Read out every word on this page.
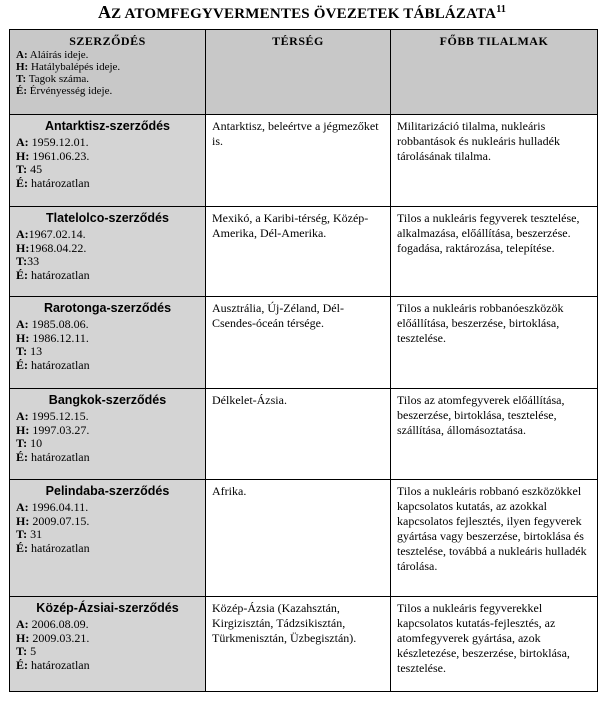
AZ ATOMFEGYVERMENTES ÖVEZETEK TÁBLÁZATA$^{11}$
SZERZŐDÉS
A: Aláírás ideje.
H: Hatálybalépés ideje.
T: Tagok száma.
É: Érvényesség ideje.	TÉRSÉG	FŐBB TILALMAK

Antarktisz-szerződés
A: 1959.12.01.
H: 1961.06.23.
T: 45
É: határozatlan	Antarktisz, beleértve a jégmezőket is.	Militarizáció tilalma, nukleáris robbantások és nukleáris hulladék tárolásának tilalma.

Tlatelolco-szerződés
A:1967.02.14.
H:1968.04.22.
T:33
É: határozatlan	Mexikó, a Karibi-térség, Közép-Amerika, Dél-Amerika.	Tilos a nukleáris fegyverek tesztelése, alkalmazása, előállítása, beszerzése. fogadása, raktározása, telepítése.

Rarotonga-szerződés
A: 1985.08.06.
H: 1986.12.11.
T: 13
É: határozatlan	Ausztrália, Új-Zéland, Dél-Csendes-óceán térsége.	Tilos a nukleáris robbanóeszközök előállítása, beszerzése, birtoklása, tesztelése.

Bangkok-szerződés
A: 1995.12.15.
H: 1997.03.27.
T: 10
É: határozatlan	Délkelet-Ázsia.	Tilos az atomfegyverek előállítása, beszerzése, birtoklása, tesztelése, szállítása, állomásoztatása.

Pelindaba-szerződés
A: 1996.04.11.
H: 2009.07.15.
T: 31
É: határozatlan	Afrika.	Tilos a nukleáris robbanó eszközökkel kapcsolatos kutatás, az azokkal kapcsolatos fejlesztés, ilyen fegyverek gyártása vagy beszerzése, birtoklása és tesztelése, továbbá a nukleáris hulladék tárolása.

Közép-Ázsiai-szerződés
A: 2006.08.09.
H: 2009.03.21.
T: 5
É: határozatlan	Közép-Ázsia (Kazahsztán, Kirgizisztán, Tádzsikisztán, Türkmenisztán, Üzbegisztán).	Tilos a nukleáris fegyverekkel kapcsolatos kutatás-fejlesztés, az atomfegyverek gyártása, azok készletezése, beszerzése, birtoklása, tesztelése.
